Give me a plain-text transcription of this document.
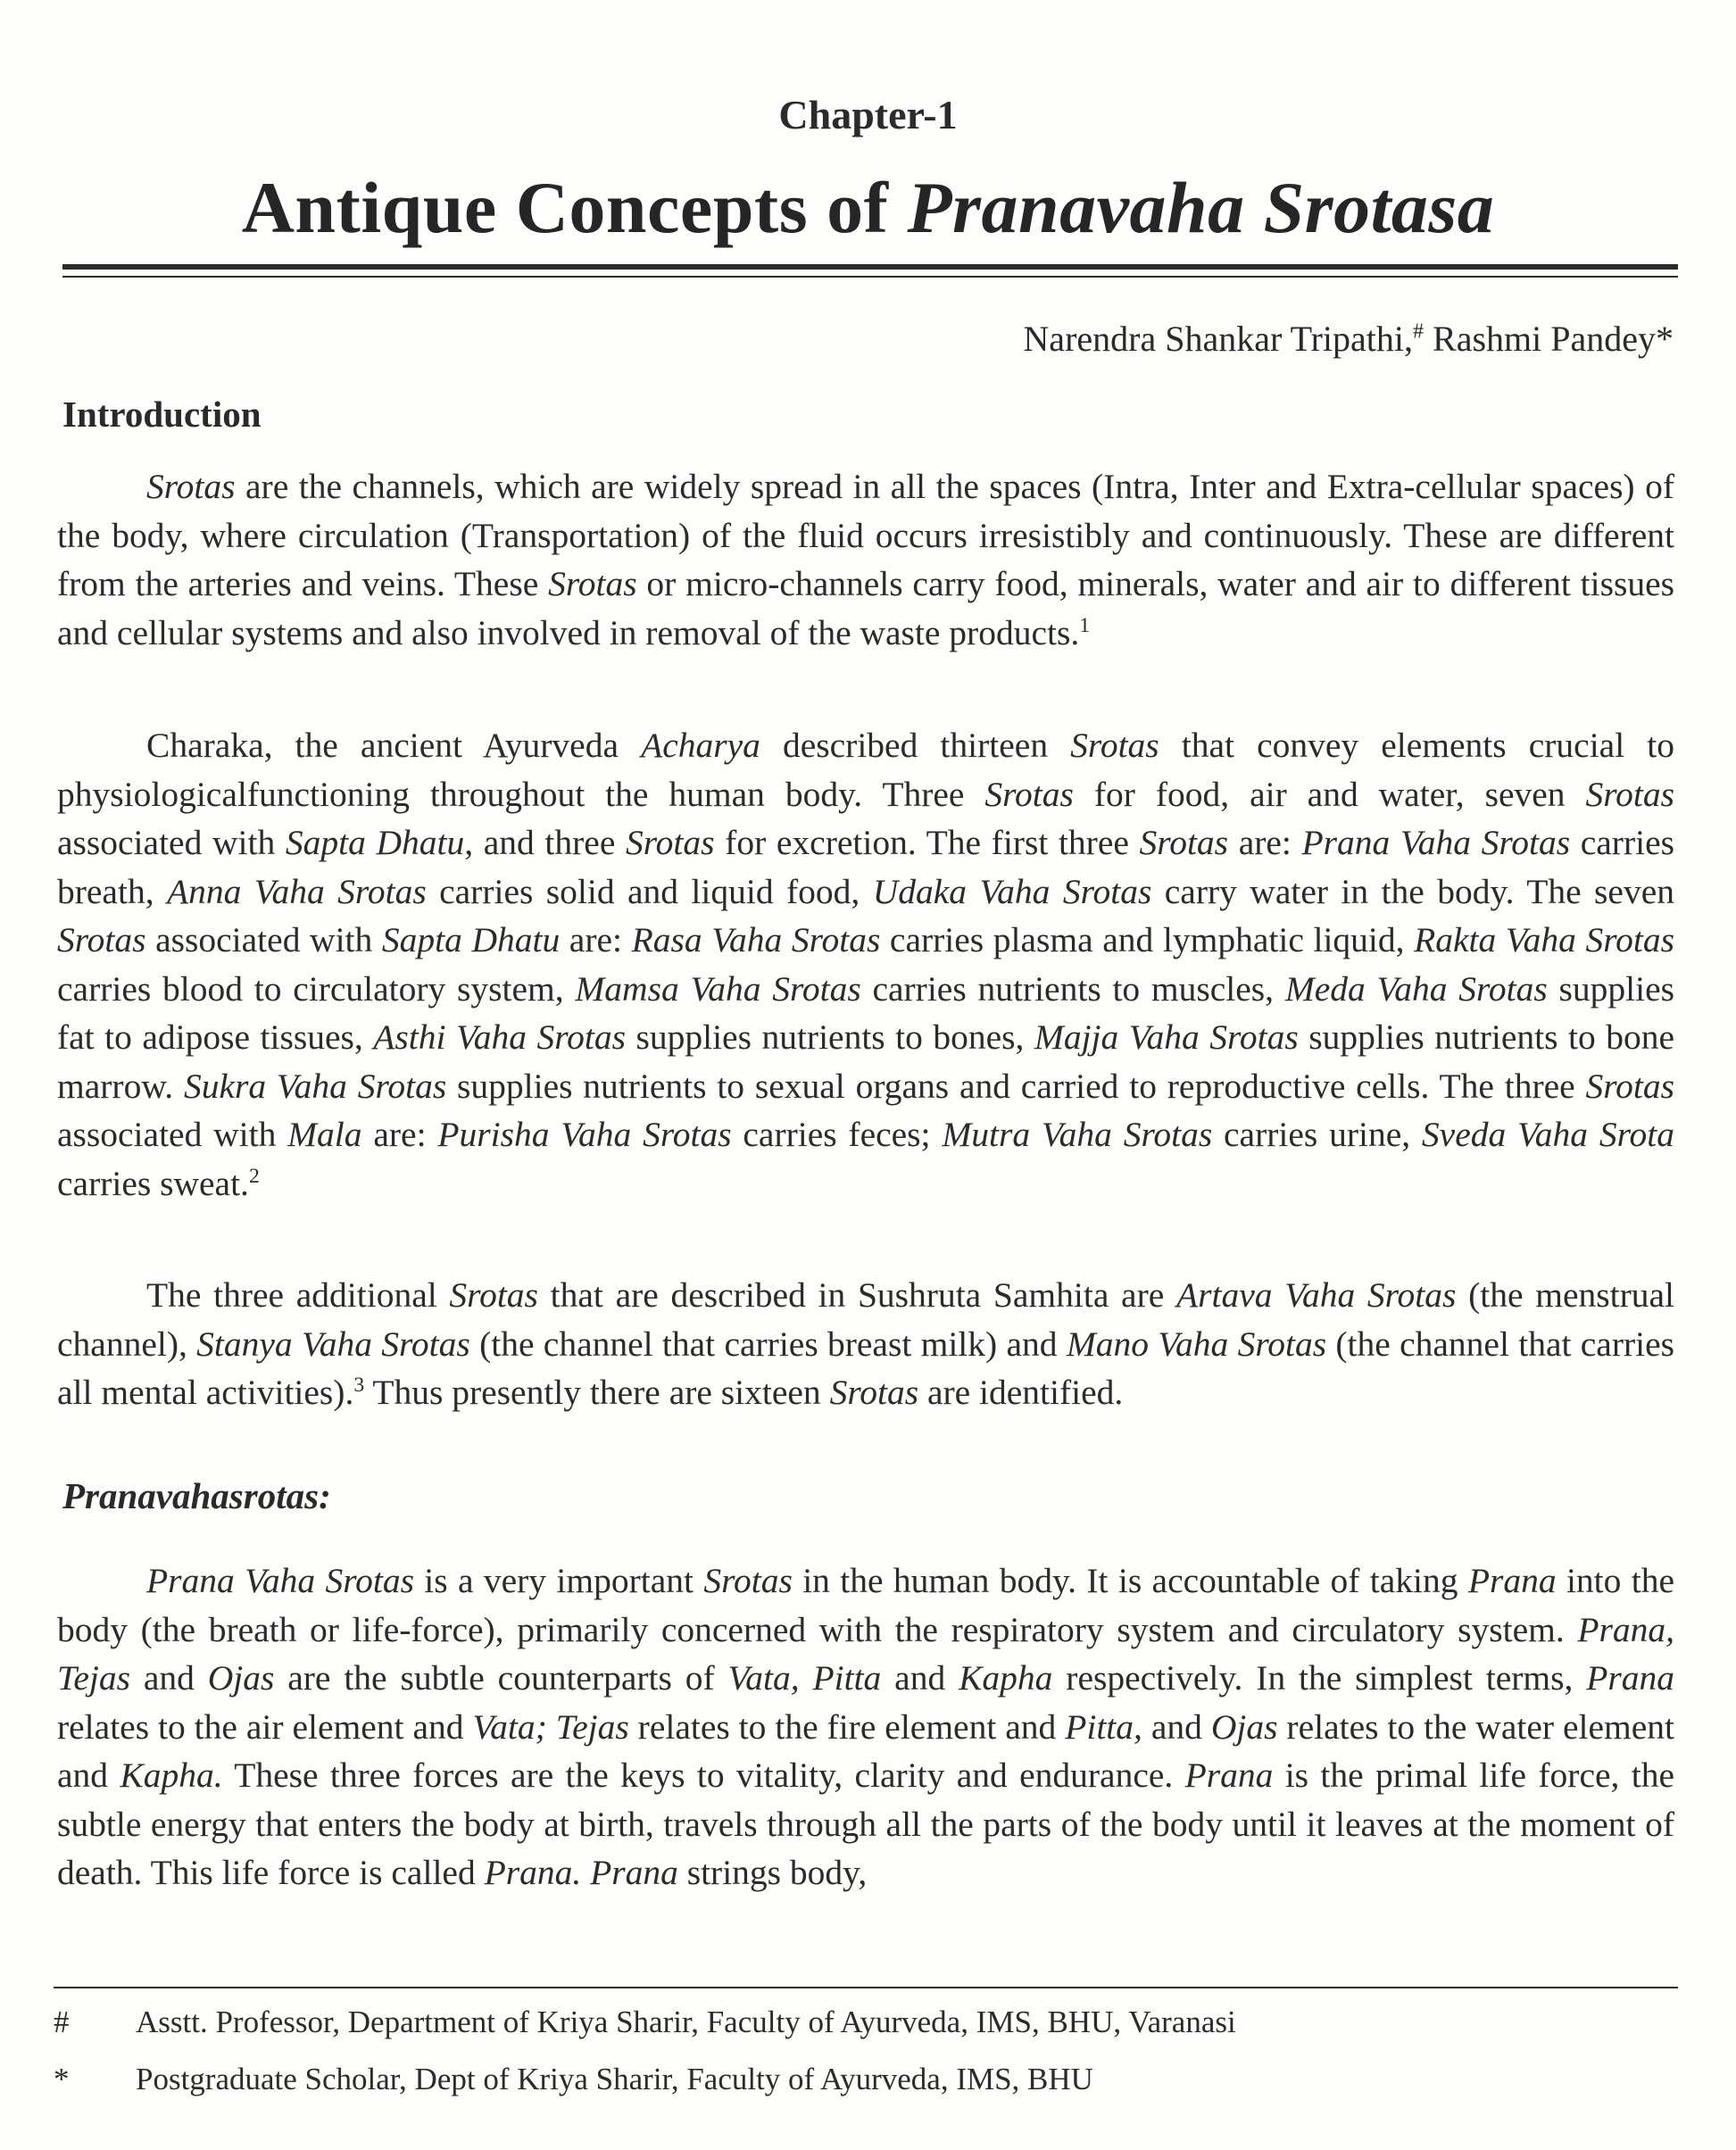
Chapter-1
Antique Concepts of Pranavaha Srotasa
Narendra Shankar Tripathi,# Rashmi Pandey*
Introduction

Srotas are the channels, which are widely spread in all the spaces (Intra, Inter and Extra-cellular spaces) of the body, where circulation (Transportation) of the fluid occurs irresistibly and continuously. These are different from the arteries and veins. These Srotas or micro-channels carry food, minerals, water and air to different tissues and cellular systems and also involved in removal of the waste products.$^1$

Charaka, the ancient Ayurveda Acharya described thirteen Srotas that convey elements crucial to physiologicalfunctioning throughout the human body. Three Srotas for food, air and water, seven Srotas associated with Sapta Dhatu, and three Srotas for excretion. The first three Srotas are: Prana Vaha Srotas carries breath, Anna Vaha Srotas carries solid and liquid food, Udaka Vaha Srotas carry water in the body. The seven Srotas associated with Sapta Dhatu are: Rasa Vaha Srotas carries plasma and lymphatic liquid, Rakta Vaha Srotas carries blood to circulatory system, Mamsa Vaha Srotas carries nutrients to muscles, Meda Vaha Srotas supplies fat to adipose tissues, Asthi Vaha Srotas supplies nutrients to bones, Majja Vaha Srotas supplies nutrients to bone marrow. Sukra Vaha Srotas supplies nutrients to sexual organs and carried to reproductive cells. The three Srotas associated with Mala are: Purisha Vaha Srotas carries feces; Mutra Vaha Srotas carries urine, Sveda Vaha Srota carries sweat.$^2$

The three additional Srotas that are described in Sushruta Samhita are Artava Vaha Srotas (the menstrual channel), Stanya Vaha Srotas (the channel that carries breast milk) and Mano Vaha Srotas (the channel that carries all mental activities).$^3$ Thus presently there are sixteen Srotas are identified.

Pranavahasrotas:

Prana Vaha Srotas is a very important Srotas in the human body. It is accountable of taking Prana into the body (the breath or life-force), primarily concerned with the respiratory system and circulatory system. Prana, Tejas and Ojas are the subtle counterparts of Vata, Pitta and Kapha respectively. In the simplest terms, Prana relates to the air element and Vata; Tejas relates to the fire element and Pitta, and Ojas relates to the water element and Kapha. These three forces are the keys to vitality, clarity and endurance. Prana is the primal life force, the subtle energy that enters the body at birth, travels through all the parts of the body until it leaves at the moment of death. This life force is called Prana. Prana strings body,

# Asstt. Professor, Department of Kriya Sharir, Faculty of Ayurveda, IMS, BHU, Varanasi
* Postgraduate Scholar, Dept of Kriya Sharir, Faculty of Ayurveda, IMS, BHU
